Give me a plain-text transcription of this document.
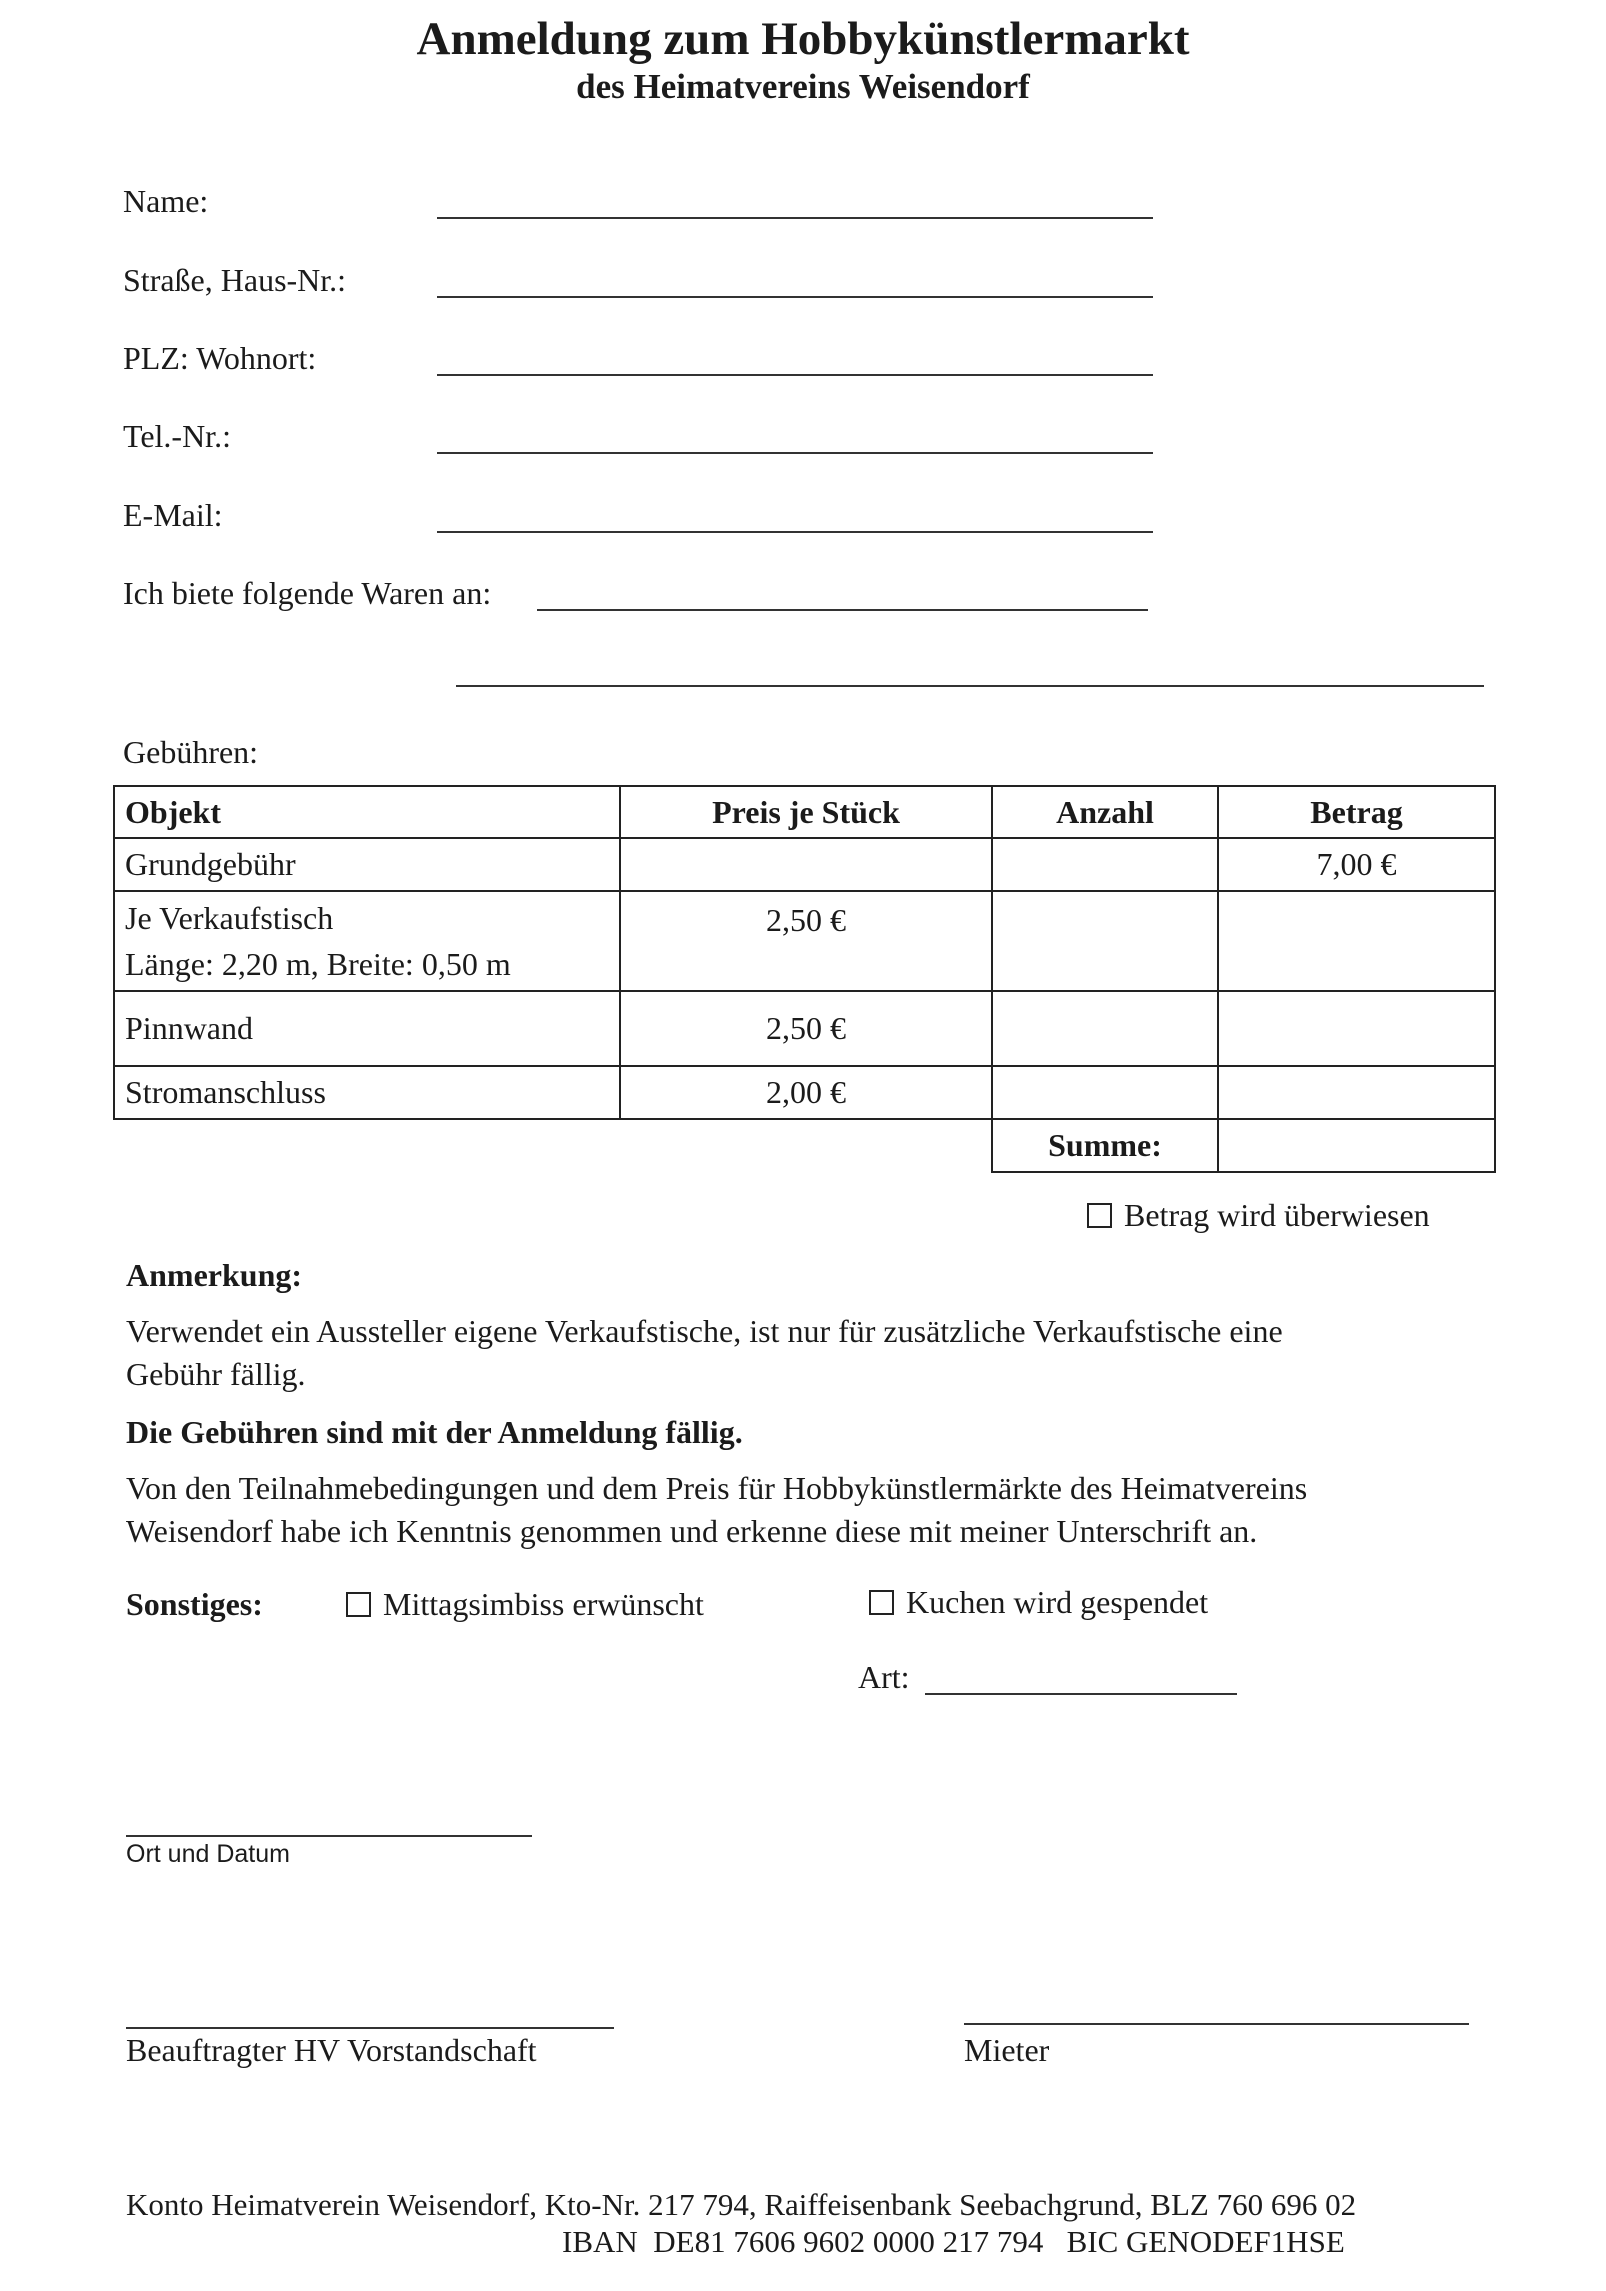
Anmeldung zum Hobbykünstlermarkt
des Heimatvereins Weisendorf
Name:
Straße, Haus-Nr.:
PLZ: Wohnort:
Tel.-Nr.:
E-Mail:
Ich biete folgende Waren an:
Gebühren:
Objekt	Preis je Stück	Anzahl	Betrag
Grundgebühr			7,00 €

Je Verkaufstisch
Länge: 2,20 m, Breite: 0,50 m	2,50 €		
Pinnwand	2,50 €		
Stromanschluss	2,00 €		
		Summe:	
Betrag wird überwiesen
Anmerkung:
Verwendet ein Aussteller eigene Verkaufstische, ist nur für zusätzliche Verkaufstische eine
Gebühr fällig.
Die Gebühren sind mit der Anmeldung fällig.
Von den Teilnahmebedingungen und dem Preis für Hobbykünstlermärkte des Heimatvereins
Weisendorf habe ich Kenntnis genommen und erkenne diese mit meiner Unterschrift an.
Sonstiges:	Mittagsimbiss erwünscht	Kuchen wird gespendet
Art:
Ort und Datum
Beauftragter HV Vorstandschaft	Mieter
Konto Heimatverein Weisendorf, Kto-Nr. 217 794, Raiffeisenbank Seebachgrund, BLZ 760 696 02
IBAN  DE81 7606 9602 0000 217 794   BIC GENODEF1HSE
